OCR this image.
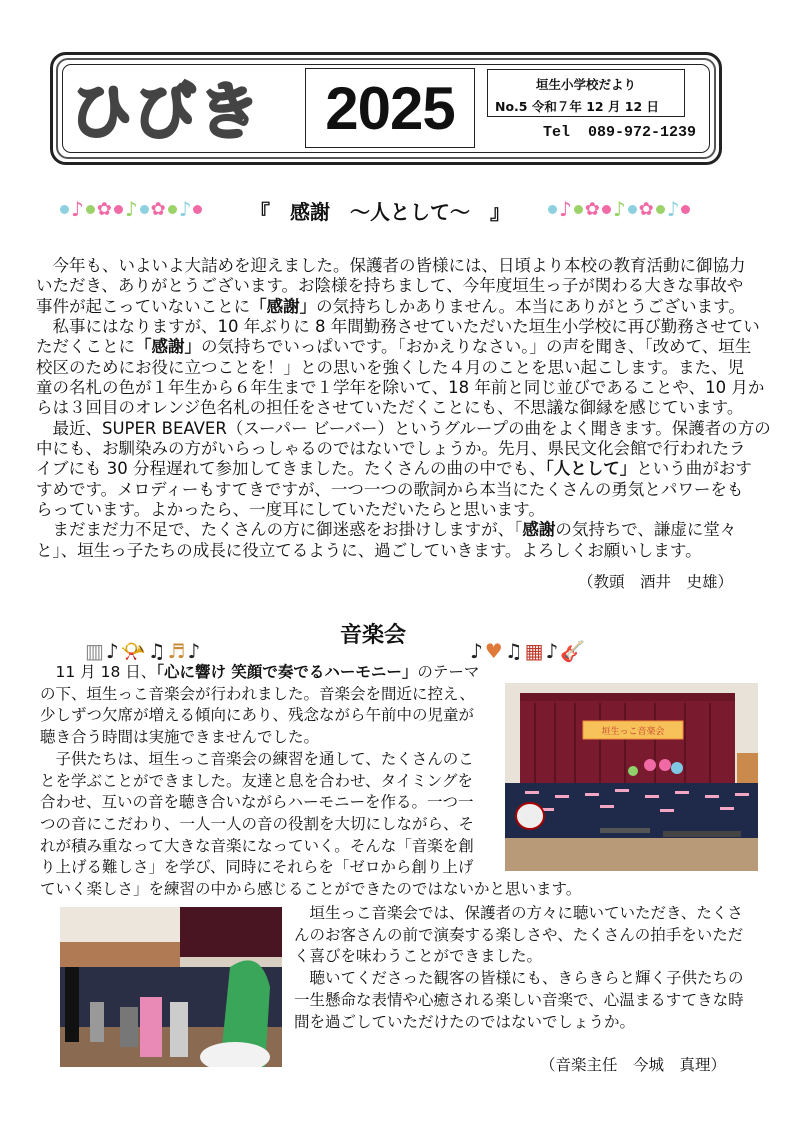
ひびき 2025	垣生小学校だより
No.5 令和７年 12 月 12 日
Tel  089-972-1239
♪ ✿ ♪ ✿ ♪	『　感謝　～人として～　』 ♪ ✿ ♪ ✿ ♪
　今年も、いよいよ大詰めを迎えました。保護者の皆様には、日頃より本校の教育活動に御協力
いただき、ありがとうございます。お陰様を持ちまして、今年度垣生っ子が関わる大きな事故や
事件が起こっていないことに「感謝」の気持ちしかありません。本当にありがとうございます。
　私事にはなりますが、10 年ぶりに 8 年間勤務させていただいた垣生小学校に再び勤務させてい
ただくことに「感謝」の気持ちでいっぱいです。「おかえりなさい。」の声を聞き、「改めて、垣生
校区のためにお役に立つことを！」との思いを強くした４月のことを思い起こします。また、児
童の名札の色が１年生から６年生まで１学年を除いて、18 年前と同じ並びであることや、10 月か
らは３回目のオレンジ色名札の担任をさせていただくことにも、不思議な御縁を感じています。
　最近、SUPER BEAVER（スーパー ビーバー）というグループの曲をよく聞きます。保護者の方の
中にも、お馴染みの方がいらっしゃるのではないでしょうか。先月、県民文化会館で行われたラ
イブにも 30 分程遅れて参加してきました。たくさんの曲の中でも、「人として」という曲がおす
すめです。メロディーもすてきですが、一つ一つの歌詞から本当にたくさんの勇気とパワーをも
らっています。よかったら、一度耳にしていただいたらと思います。
　まだまだ力不足で、たくさんの方に御迷惑をお掛けしますが、「感謝の気持ちで、謙虚に堂々
と」、垣生っ子たちの成長に役立てるように、過ごしていきます。よろしくお願いします。
（教頭　酒井　史雄）
音楽会
▥ ♪ 📯 ♫ ♬ ♪	♪ ♥ ♫ ▦ ♪ 🎸
　11 月 18 日、「心に響け 笑顔で奏でるハーモニー」のテーマ
の下、垣生っこ音楽会が行われました。音楽会を間近に控え、
少しずつ欠席が増える傾向にあり、残念ながら午前中の児童が
聴き合う時間は実施できませんでした。
　子供たちは、垣生っこ音楽会の練習を通して、たくさんのこ
とを学ぶことができました。友達と息を合わせ、タイミングを
合わせ、互いの音を聴き合いながらハーモニーを作る。一つ一
つの音にこだわり、一人一人の音の役割を大切にしながら、そ
れが積み重なって大きな音楽になっていく。そんな「音楽を創
り上げる難しさ」を学び、同時にそれらを「ゼロから創り上げ
ていく楽しさ」を練習の中から感じることができたのではないかと思います。
　垣生っこ音楽会では、保護者の方々に聴いていただき、たくさ
んのお客さんの前で演奏する楽しさや、たくさんの拍手をいただ
く喜びを味わうことができました。
　聴いてくださった観客の皆様にも、きらきらと輝く子供たちの
一生懸命な表情や心癒される楽しい音楽で、心温まるすてきな時
間を過ごしていただけたのではないでしょうか。
（音楽主任　今城　真理）
垣生っこ音楽会
